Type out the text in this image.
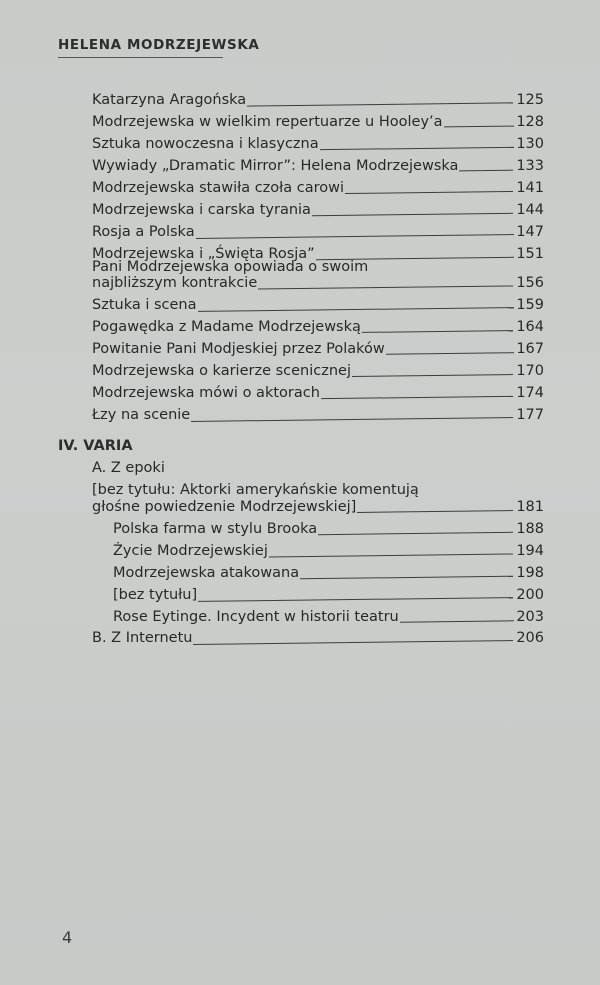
HELENA MODRZEJEWSKA
Katarzyna Aragońska	125
Modrzejewska w wielkim repertuarze u Hooley’a	128
Sztuka nowoczesna i klasyczna	130
Wywiady „Dramatic Mirror”: Helena Modrzejewska	133
Modrzejewska stawiła czoła carowi	141
Modrzejewska i carska tyrania	144
Rosja a Polska	147
Modrzejewska i „Święta Rosja”	151
Pani Modrzejewska opowiada o swoim
najbliższym kontrakcie	156
Sztuka i scena	159
Pogawędka z Madame Modrzejewską	164
Powitanie Pani Modjeskiej przez Polaków	167
Modrzejewska o karierze scenicznej	170
Modrzejewska mówi o aktorach	174
Łzy na scenie	177
IV. VARIA
A. Z epoki
[bez tytułu: Aktorki amerykańskie komentują
głośne powiedzenie Modrzejewskiej]	181
Polska farma w stylu Brooka	188
Życie Modrzejewskiej	194
Modrzejewska atakowana	198
[bez tytułu]	200
Rose Eytinge. Incydent w historii teatru	203
B. Z Internetu	206
4
